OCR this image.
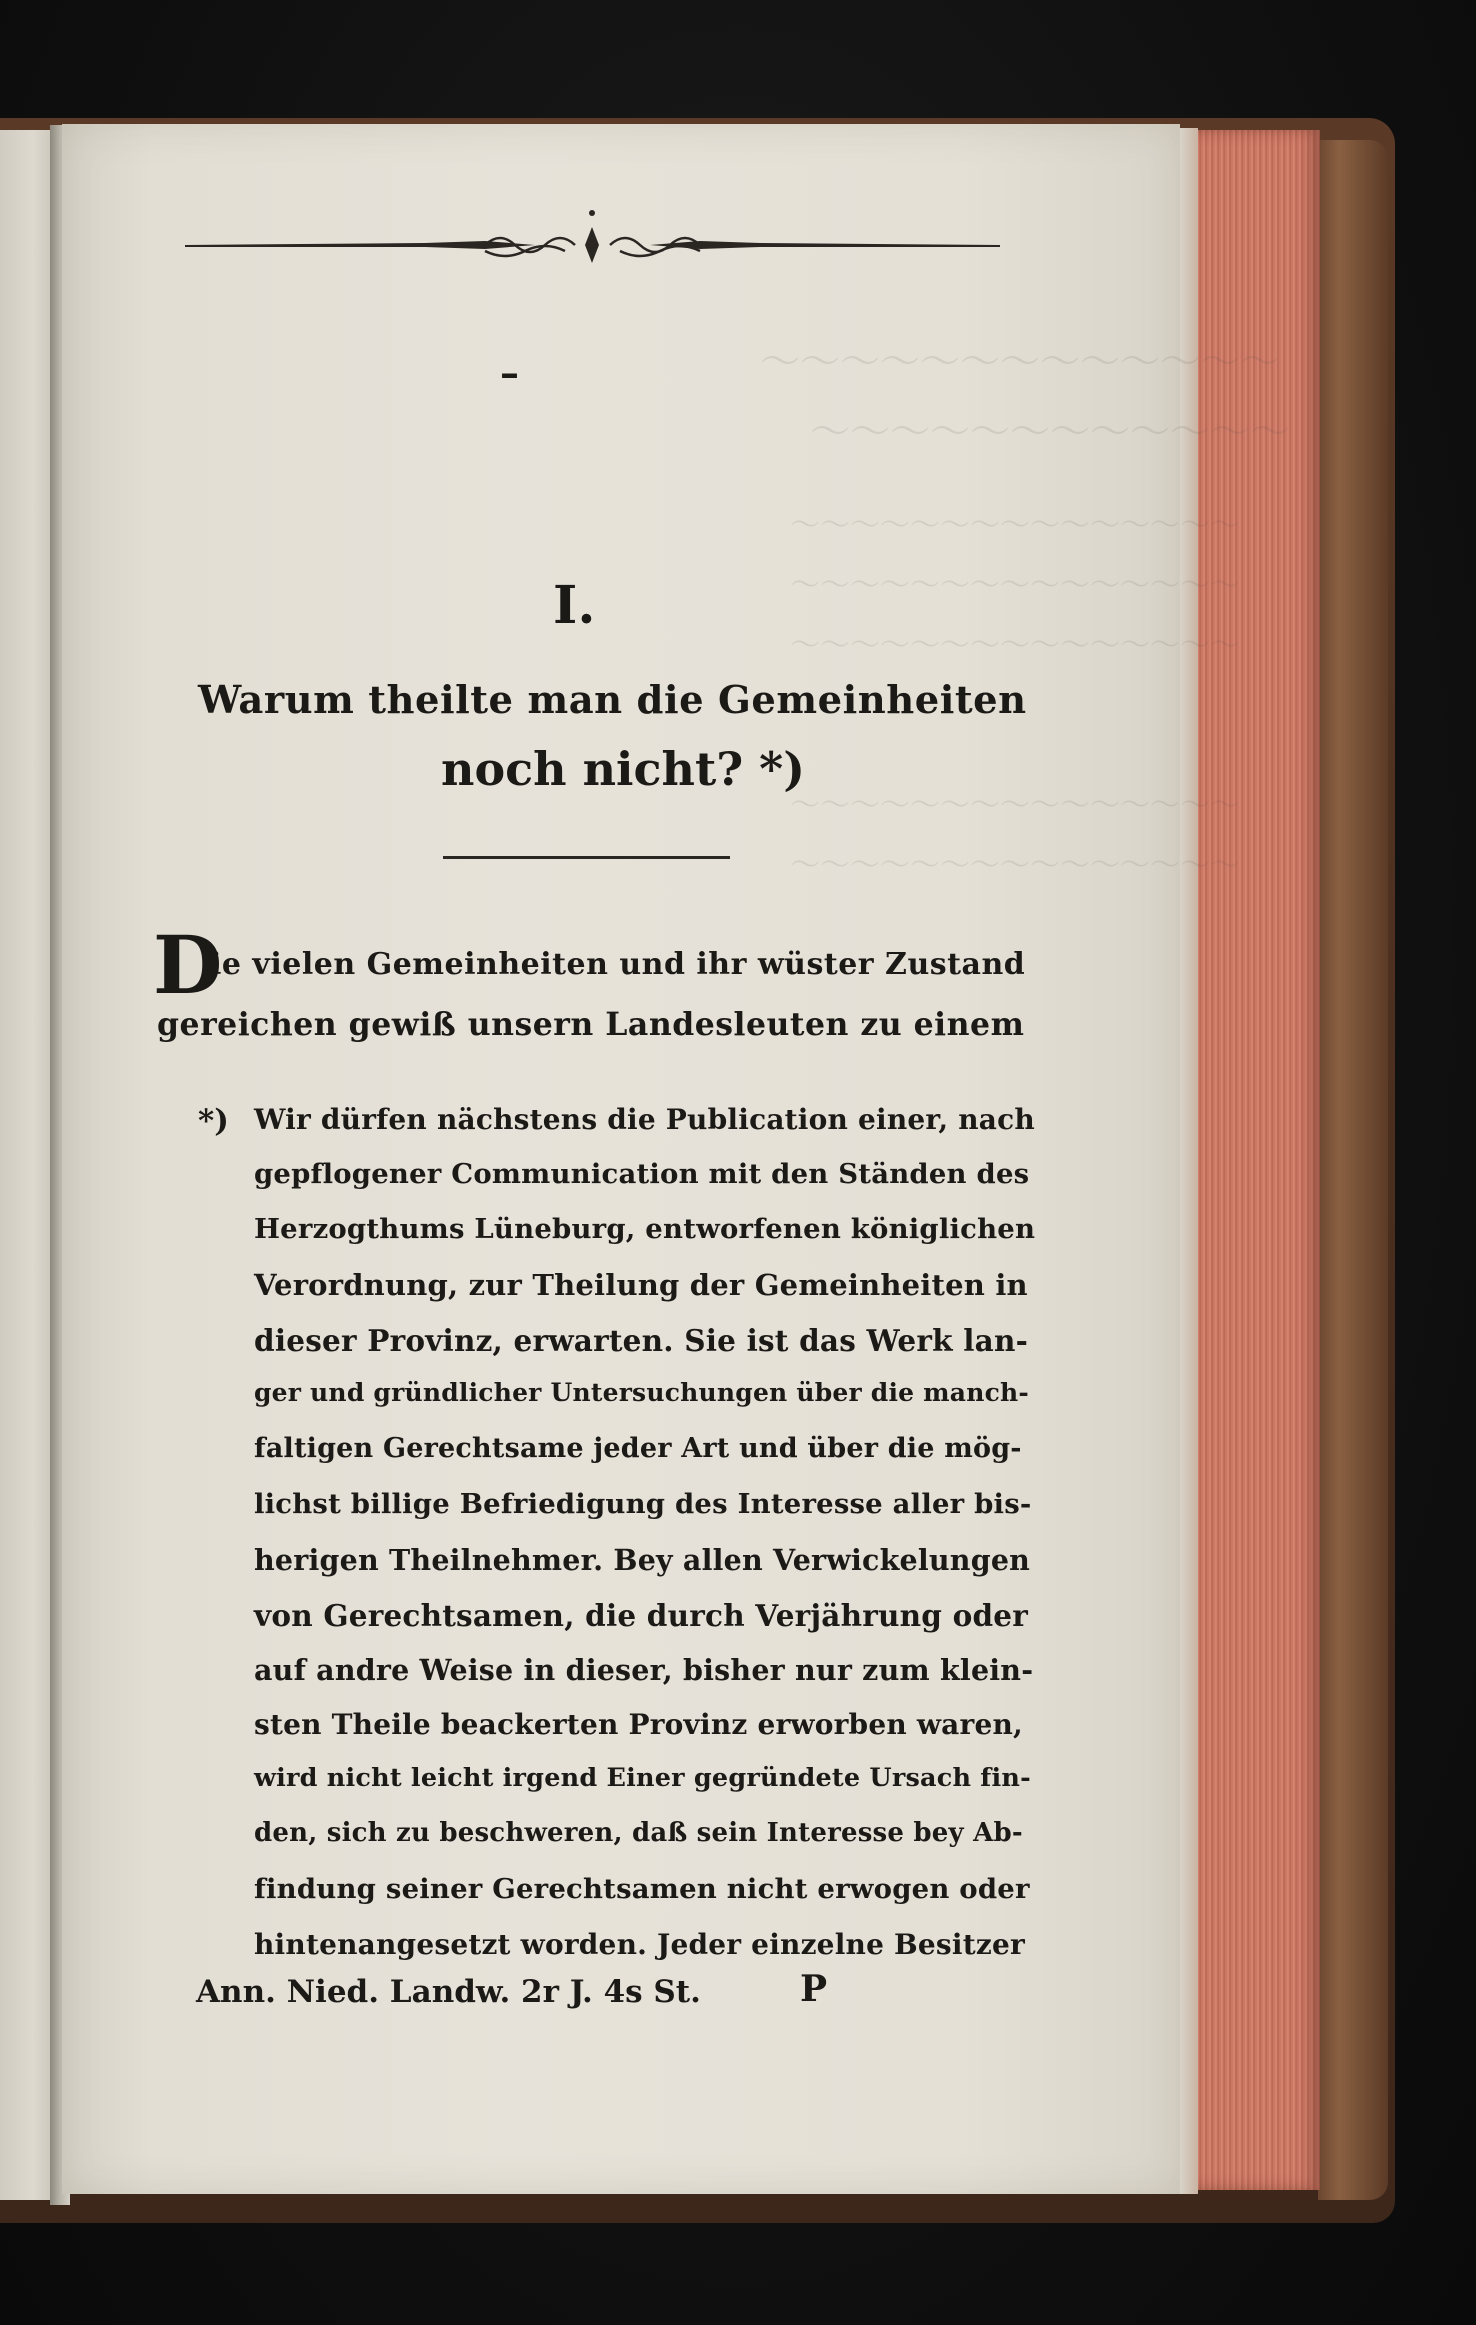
～～～～～～～～～～～～～
～～～～～～～～～～～～
～～～～～～～～～～～～～～～
～～～～～～～～～～～～～～～
～～～～～～～～～～～～～～～
～～～～～～～～～～～～～～～
～～～～～～～～～～～～～～～
–
I.
Warum theilte man die Gemeinheiten
noch nicht? *)
D
ie vielen Gemeinheiten und ihr wüster Zustand
gereichen gewiß unsern Landesleuten zu einem
*) Wir dürfen nächstens die Publication einer, nach
gepflogener Communication mit den Ständen des
Herzogthums Lüneburg, entworfenen königlichen
Verordnung, zur Theilung der Gemeinheiten in
dieser Provinz, erwarten. Sie ist das Werk lan-
ger und gründlicher Untersuchungen über die manch-
faltigen Gerechtsame jeder Art und über die mög-
lichst billige Befriedigung des Interesse aller bis-
herigen Theilnehmer. Bey allen Verwickelungen
von Gerechtsamen, die durch Verjährung oder
auf andre Weise in dieser, bisher nur zum klein-
sten Theile beackerten Provinz erworben waren,
wird nicht leicht irgend Einer gegründete Ursach fin-
den, sich zu beschweren, daß sein Interesse bey Ab-
findung seiner Gerechtsamen nicht erwogen oder
hintenangesetzt worden. Jeder einzelne Besitzer
Ann. Nied. Landw. 2r J. 4s St.	P
